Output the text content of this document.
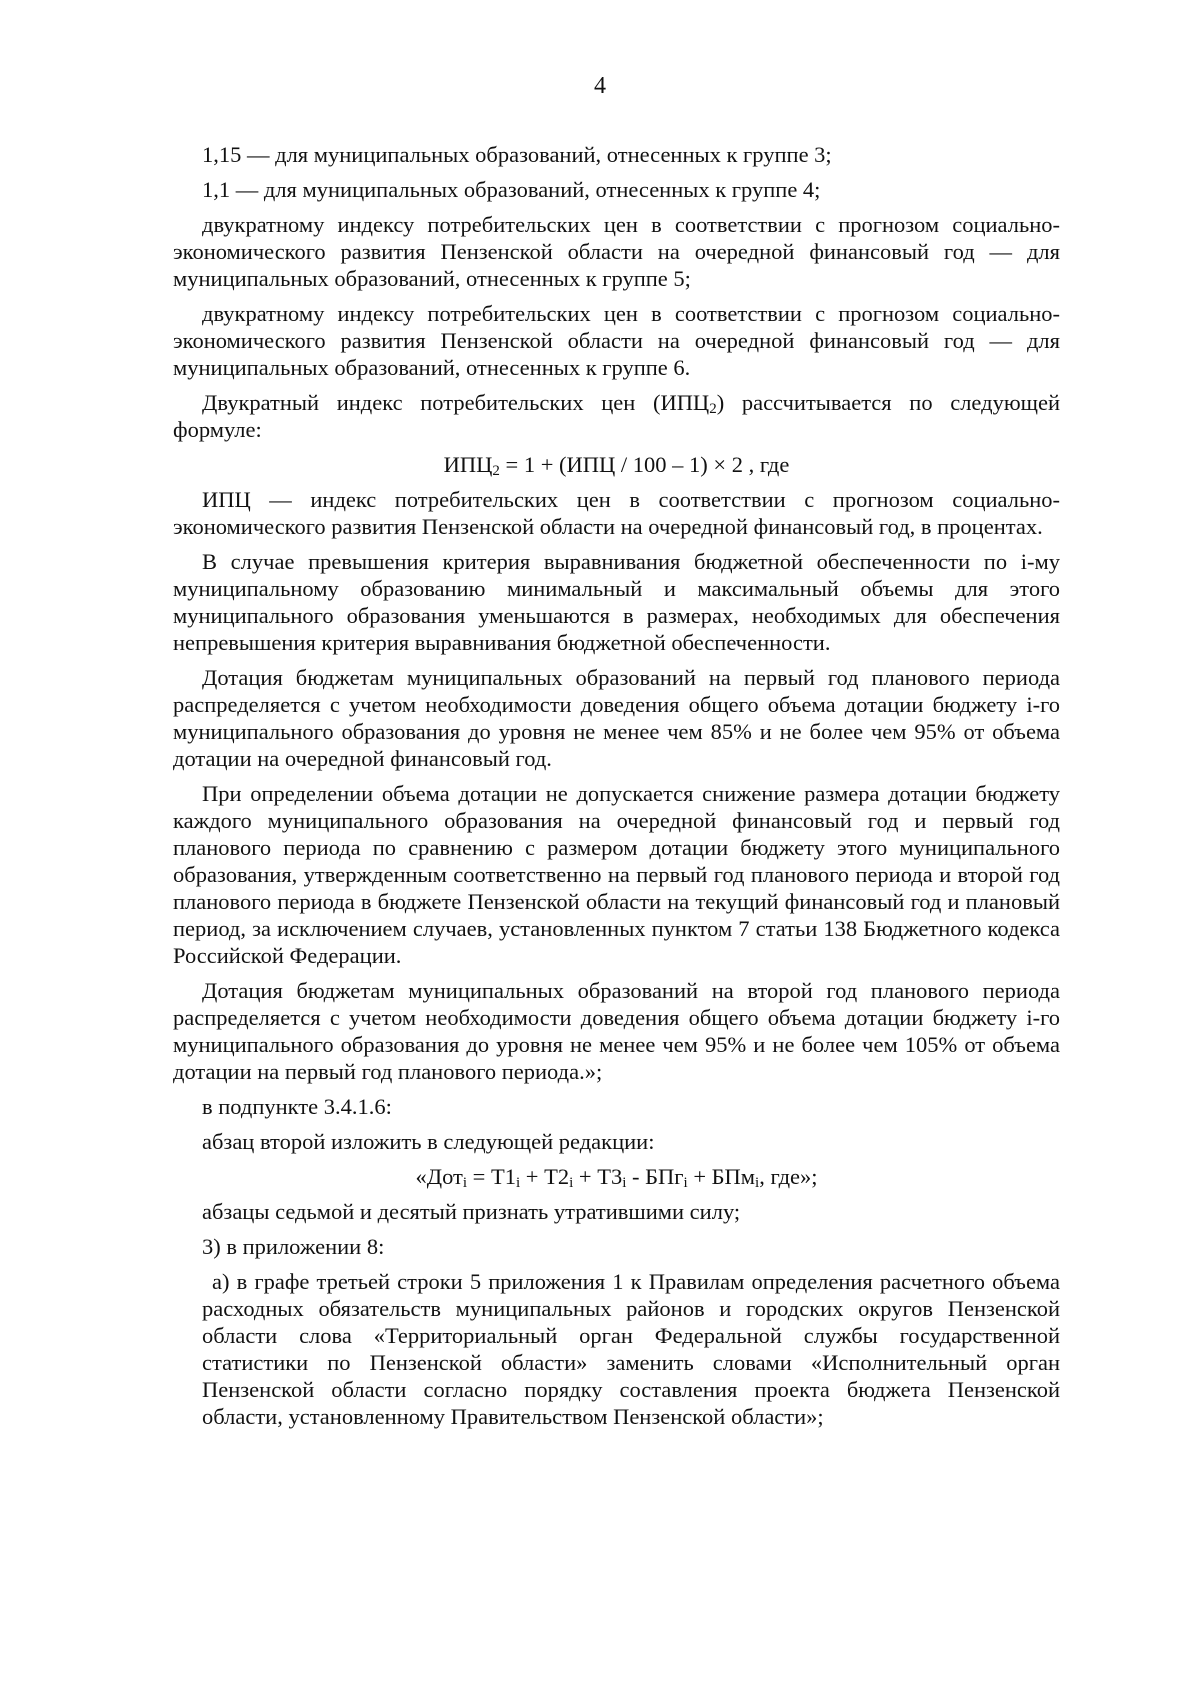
4
1,15 — для муниципальных образований, отнесенных к группе 3;
1,1 — для муниципальных образований, отнесенных к группе 4;
двукратному индексу потребительских цен в соответствии с прогнозом социально-экономического развития Пензенской области на очередной финансовый год — для муниципальных образований, отнесенных к группе 5;
двукратному индексу потребительских цен в соответствии с прогнозом социально-экономического развития Пензенской области на очередной финансовый год — для муниципальных образований, отнесенных к группе 6.
Двукратный индекс потребительских цен $(ИПЦ_2)$ рассчитывается по следующей формуле:
$ИПЦ_2 = 1 + (ИПЦ / 100 - 1) \times 2$ , где
ИПЦ — индекс потребительских цен в соответствии с прогнозом социально-экономического развития Пензенской области на очередной финансовый год, в процентах.
В случае превышения критерия выравнивания бюджетной обеспеченности по i-му муниципальному образованию минимальный и максимальный объемы для этого муниципального образования уменьшаются в размерах, необходимых для обеспечения непревышения критерия выравнивания бюджетной обеспеченности.
Дотация бюджетам муниципальных образований на первый год планового периода распределяется с учетом необходимости доведения общего объема дотации бюджету i-го муниципального образования до уровня не менее чем 85% и не более чем 95% от объема дотации на очередной финансовый год.
При определении объема дотации не допускается снижение размера дотации бюджету каждого муниципального образования на очередной финансовый год и первый год планового периода по сравнению с размером дотации бюджету этого муниципального образования, утвержденным соответственно на первый год планового периода и второй год планового периода в бюджете Пензенской области на текущий финансовый год и плановый период, за исключением случаев, установленных пунктом 7 статьи 138 Бюджетного кодекса Российской Федерации.
Дотация бюджетам муниципальных образований на второй год планового периода распределяется с учетом необходимости доведения общего объема дотации бюджету i-го муниципального образования до уровня не менее чем 95% и не более чем 105% от объема дотации на первый год планового периода.»;
в подпункте 3.4.1.6:
абзац второй изложить в следующей редакции:
«$Дот_i = Т1_i + Т2_i + Т3_i - БПг_i + БПм_i$, где»;
абзацы седьмой и десятый признать утратившими силу;
3) в приложении 8:
а) в графе третьей строки 5 приложения 1 к Правилам определения расчетного объема расходных обязательств муниципальных районов и городских округов Пензенской области слова «Территориальный орган Федеральной службы государственной статистики по Пензенской области» заменить словами «Исполнительный орган Пензенской области согласно порядку составления проекта бюджета Пензенской области, установленному Правительством Пензенской области»;
